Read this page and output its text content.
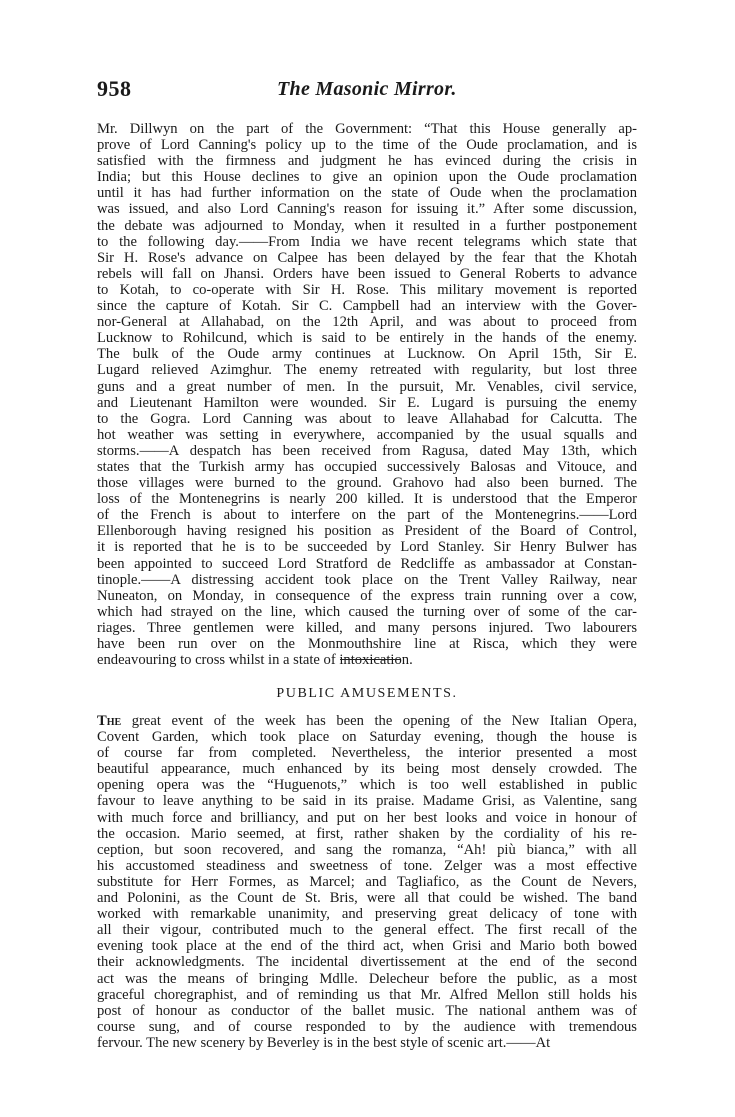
958	The Masonic Mirror.
Mr. Dillwyn on the part of the Government: “That this House generally ap-
prove of Lord Canning's policy up to the time of the Oude proclamation, and is
satisfied with the firmness and judgment he has evinced during the crisis in
India; but this House declines to give an opinion upon the Oude proclamation
until it has had further information on the state of Oude when the proclamation
was issued, and also Lord Canning's reason for issuing it.” After some discussion,
the debate was adjourned to Monday, when it resulted in a further postponement
to the following day.——From India we have recent telegrams which state that
Sir H. Rose's advance on Calpee has been delayed by the fear that the Khotah
rebels will fall on Jhansi. Orders have been issued to General Roberts to advance
to Kotah, to co-operate with Sir H. Rose. This military movement is reported
since the capture of Kotah. Sir C. Campbell had an interview with the Gover-
nor-General at Allahabad, on the 12th April, and was about to proceed from
Lucknow to Rohilcund, which is said to be entirely in the hands of the enemy.
The bulk of the Oude army continues at Lucknow. On April 15th, Sir E.
Lugard relieved Azimghur. The enemy retreated with regularity, but lost three
guns and a great number of men. In the pursuit, Mr. Venables, civil service,
and Lieutenant Hamilton were wounded. Sir E. Lugard is pursuing the enemy
to the Gogra. Lord Canning was about to leave Allahabad for Calcutta. The
hot weather was setting in everywhere, accompanied by the usual squalls and
storms.——A despatch has been received from Ragusa, dated May 13th, which
states that the Turkish army has occupied successively Balosas and Vitouce, and
those villages were burned to the ground. Grahovo had also been burned. The
loss of the Montenegrins is nearly 200 killed. It is understood that the Emperor
of the French is about to interfere on the part of the Montenegrins.——Lord
Ellenborough having resigned his position as President of the Board of Control,
it is reported that he is to be succeeded by Lord Stanley. Sir Henry Bulwer has
been appointed to succeed Lord Stratford de Redcliffe as ambassador at Constan-
tinople.——A distressing accident took place on the Trent Valley Railway, near
Nuneaton, on Monday, in consequence of the express train running over a cow,
which had strayed on the line, which caused the turning over of some of the car-
riages. Three gentlemen were killed, and many persons injured. Two labourers
have been run over on the Monmouthshire line at Risca, which they were
endeavouring to cross whilst in a state of intoxication.
PUBLIC AMUSEMENTS.
The great event of the week has been the opening of the New Italian Opera,
Covent Garden, which took place on Saturday evening, though the house is
of course far from completed. Nevertheless, the interior presented a most
beautiful appearance, much enhanced by its being most densely crowded. The
opening opera was the “Huguenots,” which is too well established in public
favour to leave anything to be said in its praise. Madame Grisi, as Valentine, sang
with much force and brilliancy, and put on her best looks and voice in honour of
the occasion. Mario seemed, at first, rather shaken by the cordiality of his re-
ception, but soon recovered, and sang the romanza, “Ah! più bianca,” with all
his accustomed steadiness and sweetness of tone. Zelger was a most effective
substitute for Herr Formes, as Marcel; and Tagliafico, as the Count de Nevers,
and Polonini, as the Count de St. Bris, were all that could be wished. The band
worked with remarkable unanimity, and preserving great delicacy of tone with
all their vigour, contributed much to the general effect. The first recall of the
evening took place at the end of the third act, when Grisi and Mario both bowed
their acknowledgments. The incidental divertissement at the end of the second
act was the means of bringing Mdlle. Delecheur before the public, as a most
graceful choregraphist, and of reminding us that Mr. Alfred Mellon still holds his
post of honour as conductor of the ballet music. The national anthem was of
course sung, and of course responded to by the audience with tremendous
fervour. The new scenery by Beverley is in the best style of scenic art.——At
